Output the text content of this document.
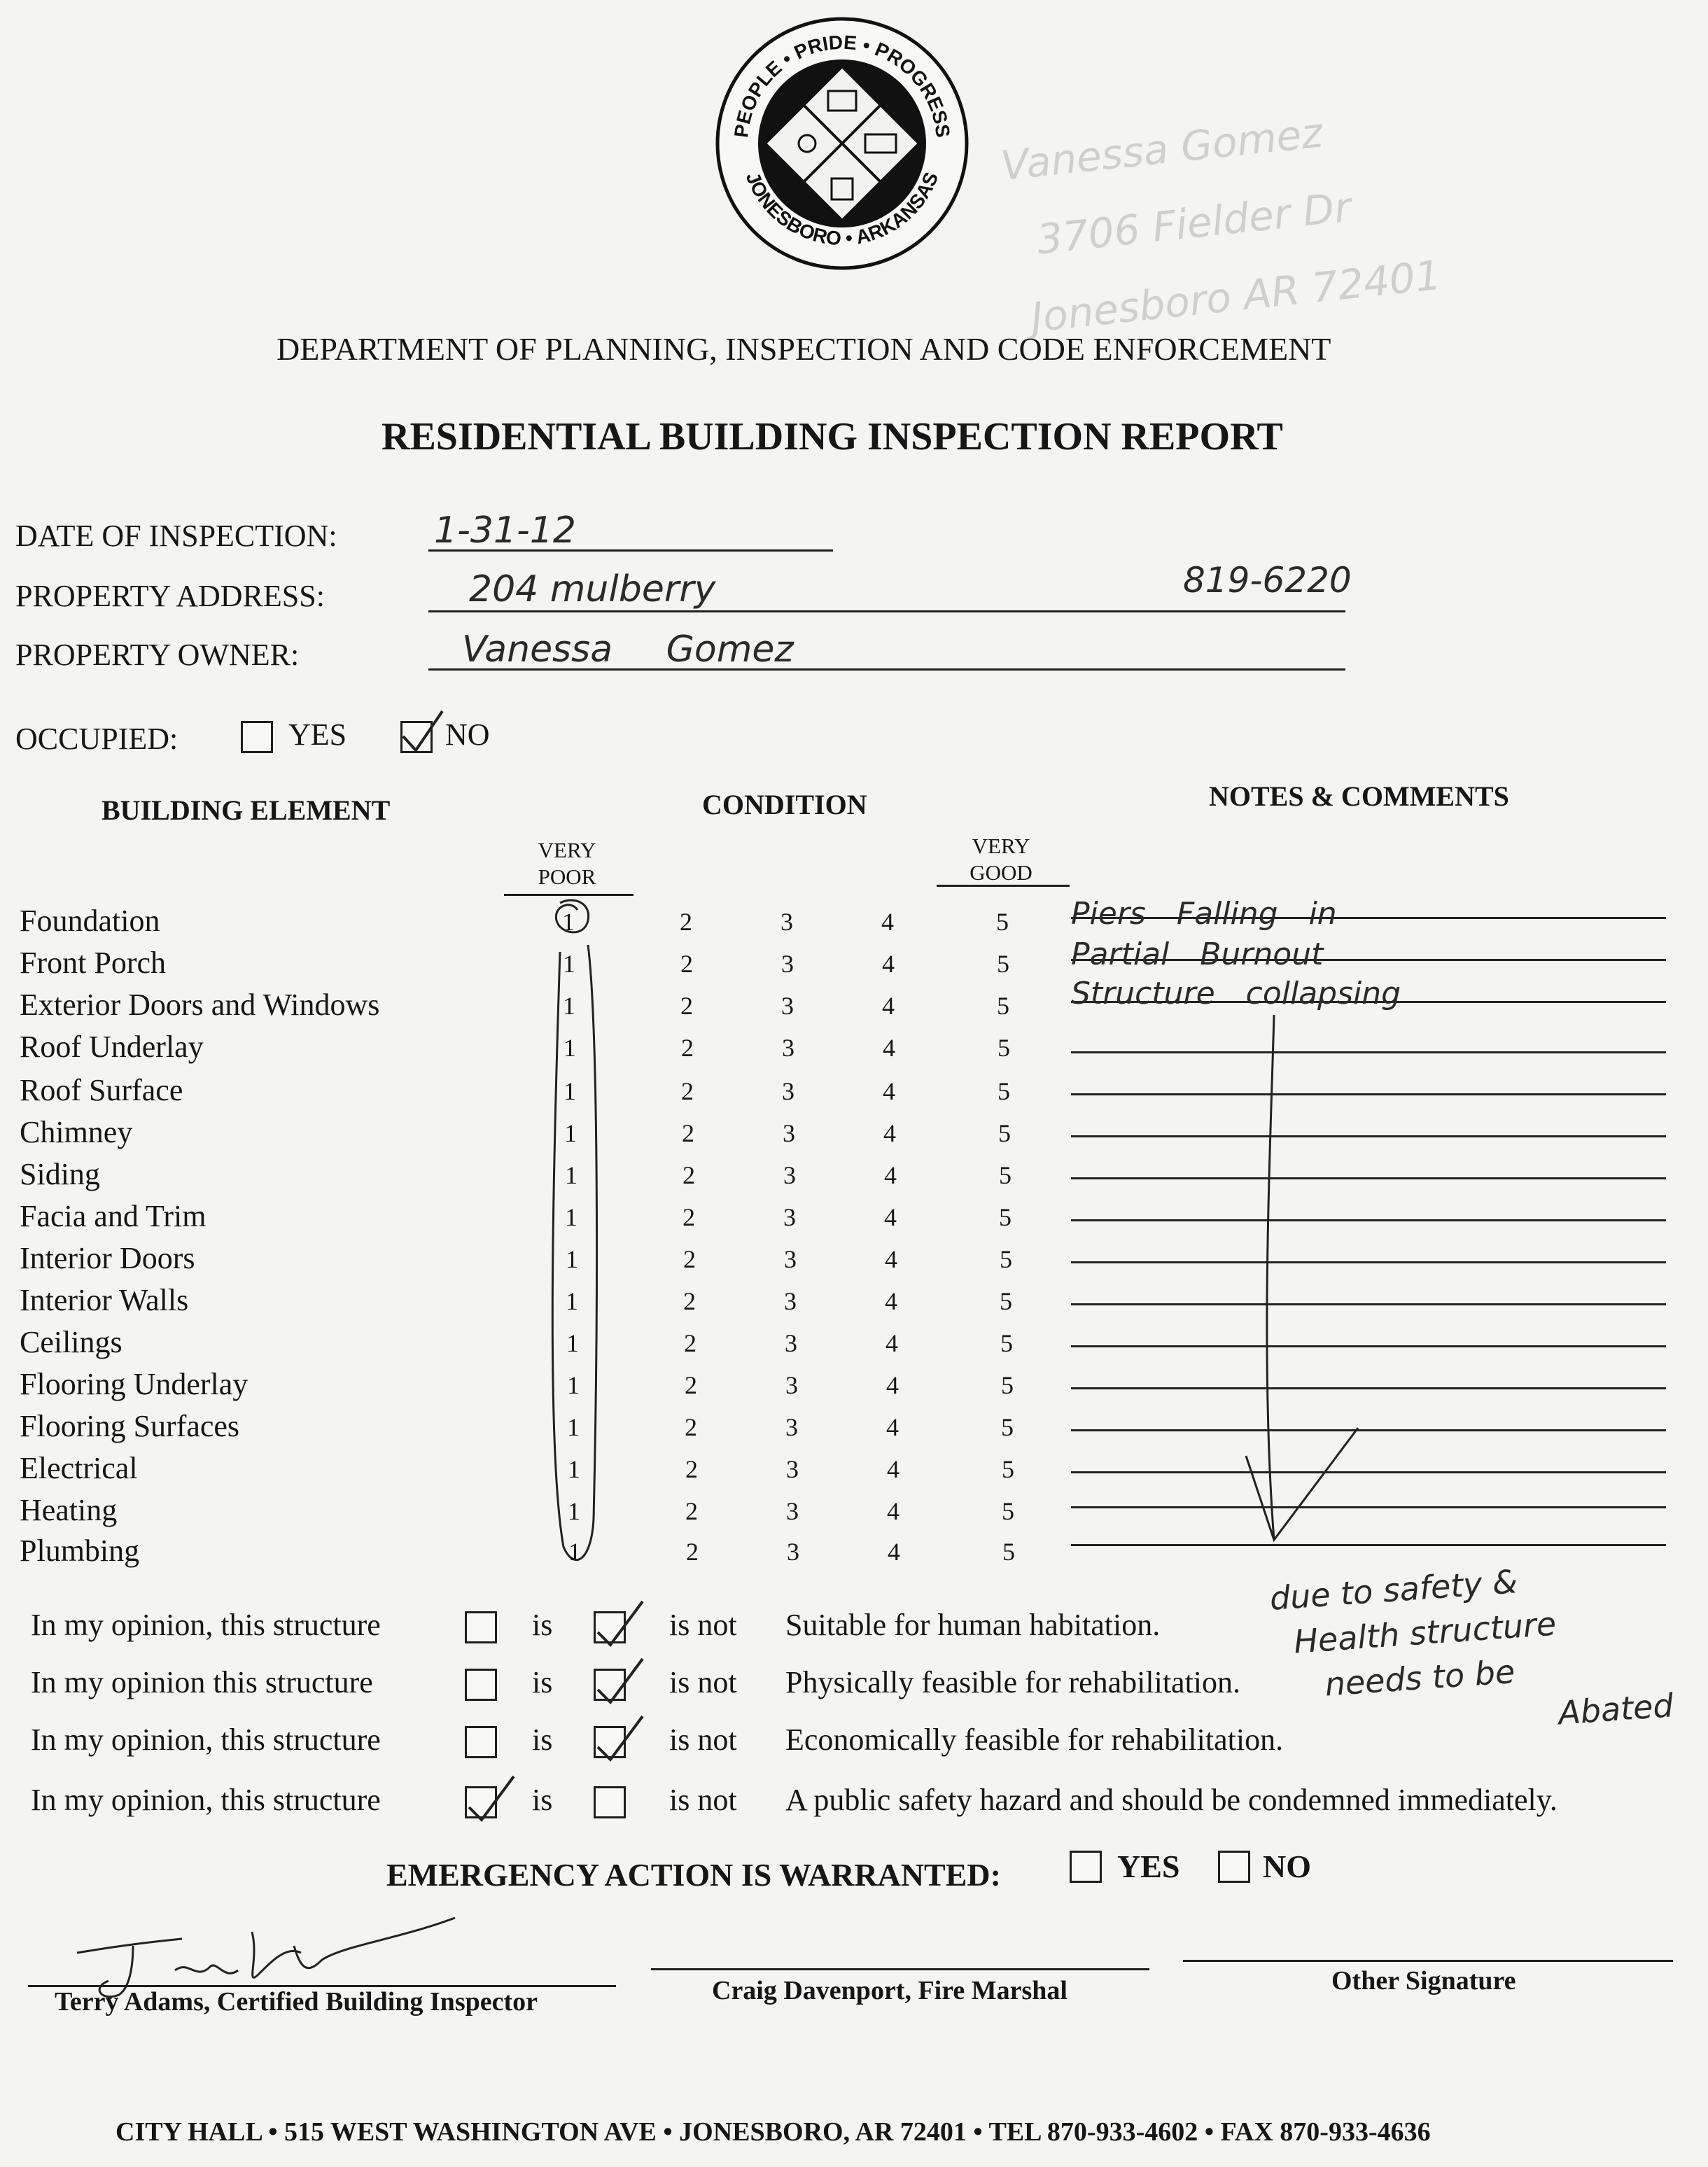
PEOPLE • PRIDE • PROGRESS
JONESBORO • ARKANSAS Vanessa Gomez
3706 Fielder Dr
Jonesboro AR 72401
DEPARTMENT OF PLANNING, INSPECTION AND CODE ENFORCEMENT
RESIDENTIAL BUILDING INSPECTION REPORT
DATE OF INSPECTION:	1-31-12
PROPERTY ADDRESS:	204 mulberry	819-6220
PROPERTY OWNER:	Vanessa Gomez
OCCUPIED:	YES	NO
BUILDING ELEMENT	CONDITION	NOTES & COMMENTS
VERY POOR
VERY GOOD
Foundation	1	2	3	4	5 Piers Falling in
Front Porch	1	2	3	4	5 Partial Burnout
Exterior Doors and Windows	1	2	3	4	5 Structure collapsing
Roof Underlay	1	2	3	4	5
Roof Surface	1	2	3	4	5
Chimney	1	2	3	4	5
Siding	1	2	3	4	5
Facia and Trim	1	2	3	4	5
Interior Doors	1	2	3	4	5
Interior Walls	1	2	3	4	5
Ceilings	1	2	3	4	5
Flooring Underlay	1	2	3	4	5
Flooring Surfaces	1	2	3	4	5
Electrical	1	2	3	4	5
Heating	1	2	3	4	5
Plumbing	1	2	3	4	5
In my opinion, this structure	is	is not Suitable for human habitation.
In my opinion this structure	is	is not Physically feasible for rehabilitation.
In my opinion, this structure	is	is not Economically feasible for rehabilitation.
In my opinion, this structure	is	is not A public safety hazard and should be condemned immediately.
due to safety &
Health structure
needs to be
Abated
EMERGENCY ACTION IS WARRANTED:	YES	NO
Terry Adams, Certified Building Inspector	Craig Davenport, Fire Marshal	Other Signature
CITY HALL • 515 WEST WASHINGTON AVE • JONESBORO, AR 72401 • TEL 870-933-4602 • FAX 870-933-4636
